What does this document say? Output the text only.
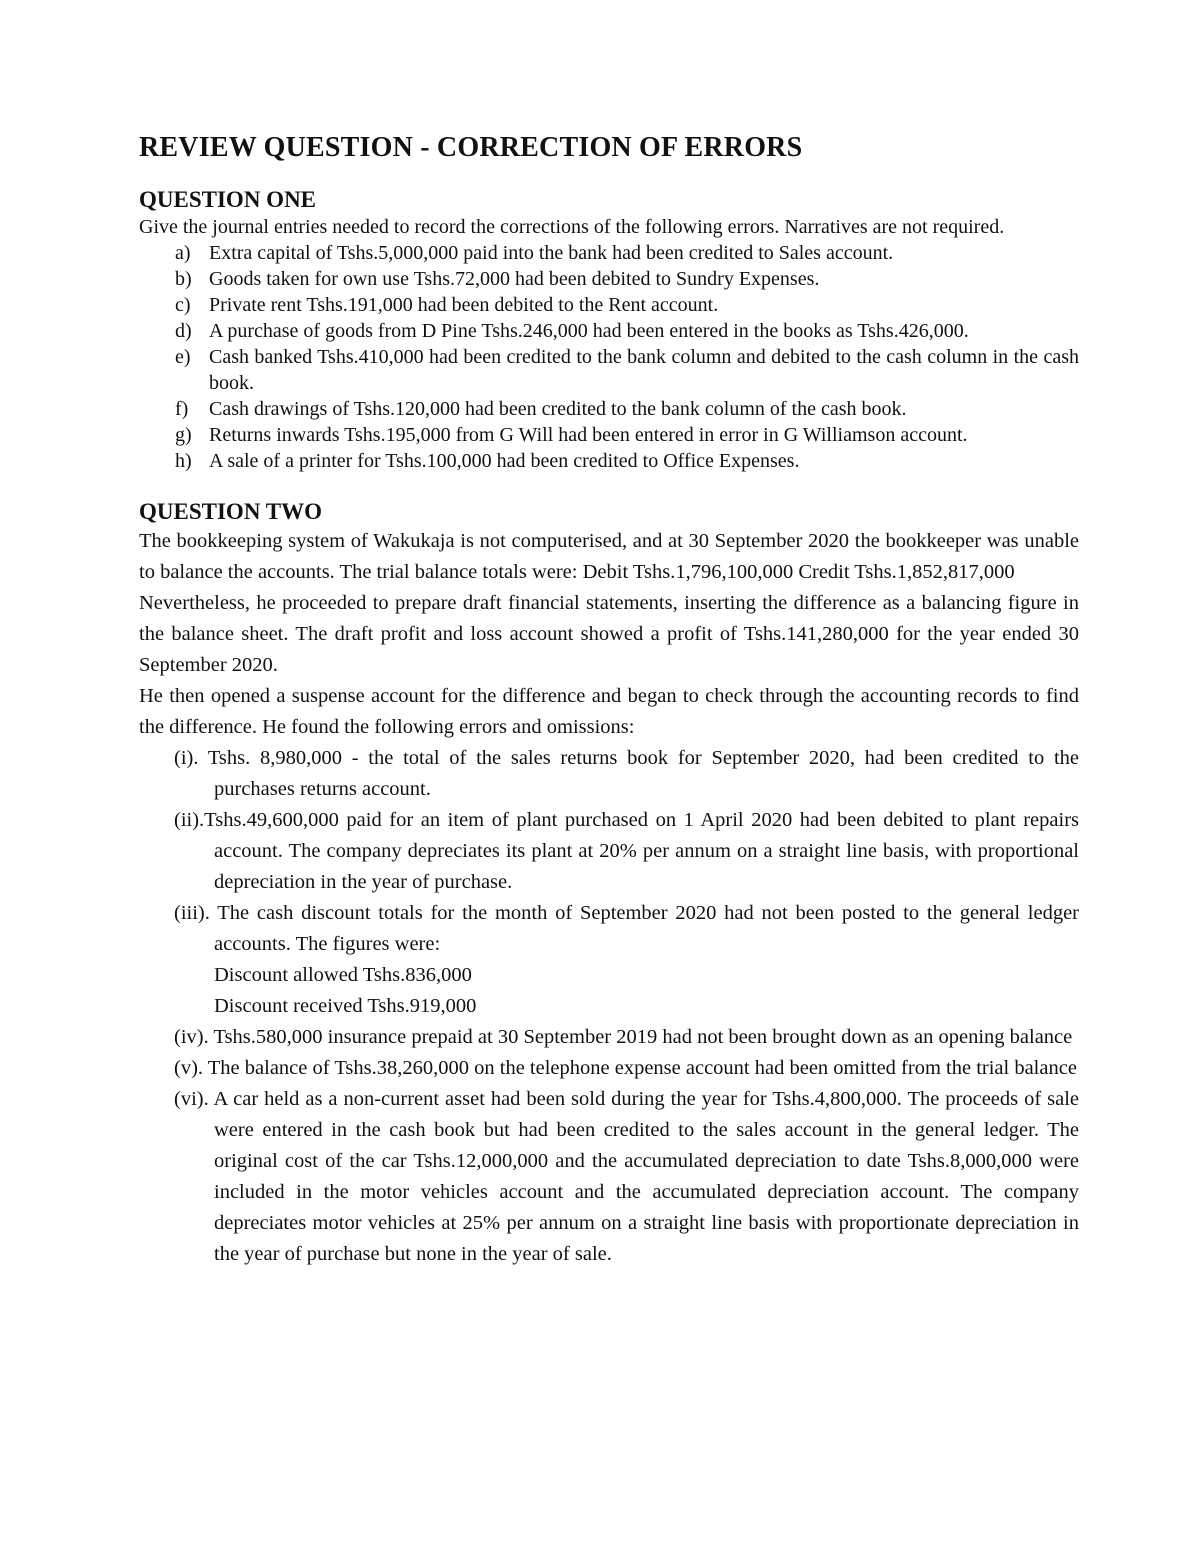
REVIEW QUESTION - CORRECTION OF ERRORS
QUESTION ONE

Give the journal entries needed to record the corrections of the following errors. Narratives are not required.

a) Extra capital of Tshs.5,000,000 paid into the bank had been credited to Sales account.
b) Goods taken for own use Tshs.72,000 had been debited to Sundry Expenses.
c) Private rent Tshs.191,000 had been debited to the Rent account.
d) A purchase of goods from D Pine Tshs.246,000 had been entered in the books as Tshs.426,000.
e) Cash banked Tshs.410,000 had been credited to the bank column and debited to the cash column in the cash book.
f) Cash drawings of Tshs.120,000 had been credited to the bank column of the cash book.
g) Returns inwards Tshs.195,000 from G Will had been entered in error in G Williamson account.
h) A sale of a printer for Tshs.100,000 had been credited to Office Expenses.
QUESTION TWO

The bookkeeping system of Wakukaja is not computerised, and at 30 September 2020 the bookkeeper was unable to balance the accounts. The trial balance totals were: Debit Tshs.1,796,100,000 Credit Tshs.1,852,817,000

Nevertheless, he proceeded to prepare draft financial statements, inserting the difference as a balancing figure in the balance sheet. The draft profit and loss account showed a profit of Tshs.141,280,000 for the year ended 30 September 2020.

He then opened a suspense account for the difference and began to check through the accounting records to find the difference. He found the following errors and omissions:

(i). Tshs. 8,980,000 - the total of the sales returns book for September 2020, had been credited to the purchases returns account.
(ii).Tshs.49,600,000 paid for an item of plant purchased on 1 April 2020 had been debited to plant repairs account. The company depreciates its plant at 20% per annum on a straight line basis, with proportional depreciation in the year of purchase.
(iii). The cash discount totals for the month of September 2020 had not been posted to the general ledger accounts. The figures were:
Discount allowed Tshs.836,000
Discount received Tshs.919,000
(iv). Tshs.580,000 insurance prepaid at 30 September 2019 had not been brought down as an opening balance
(v). The balance of Tshs.38,260,000 on the telephone expense account had been omitted from the trial balance
(vi). A car held as a non-current asset had been sold during the year for Tshs.4,800,000. The proceeds of sale were entered in the cash book but had been credited to the sales account in the general ledger. The original cost of the car Tshs.12,000,000 and the accumulated depreciation to date Tshs.8,000,000 were included in the motor vehicles account and the accumulated depreciation account. The company depreciates motor vehicles at 25% per annum on a straight line basis with proportionate depreciation in the year of purchase but none in the year of sale.
